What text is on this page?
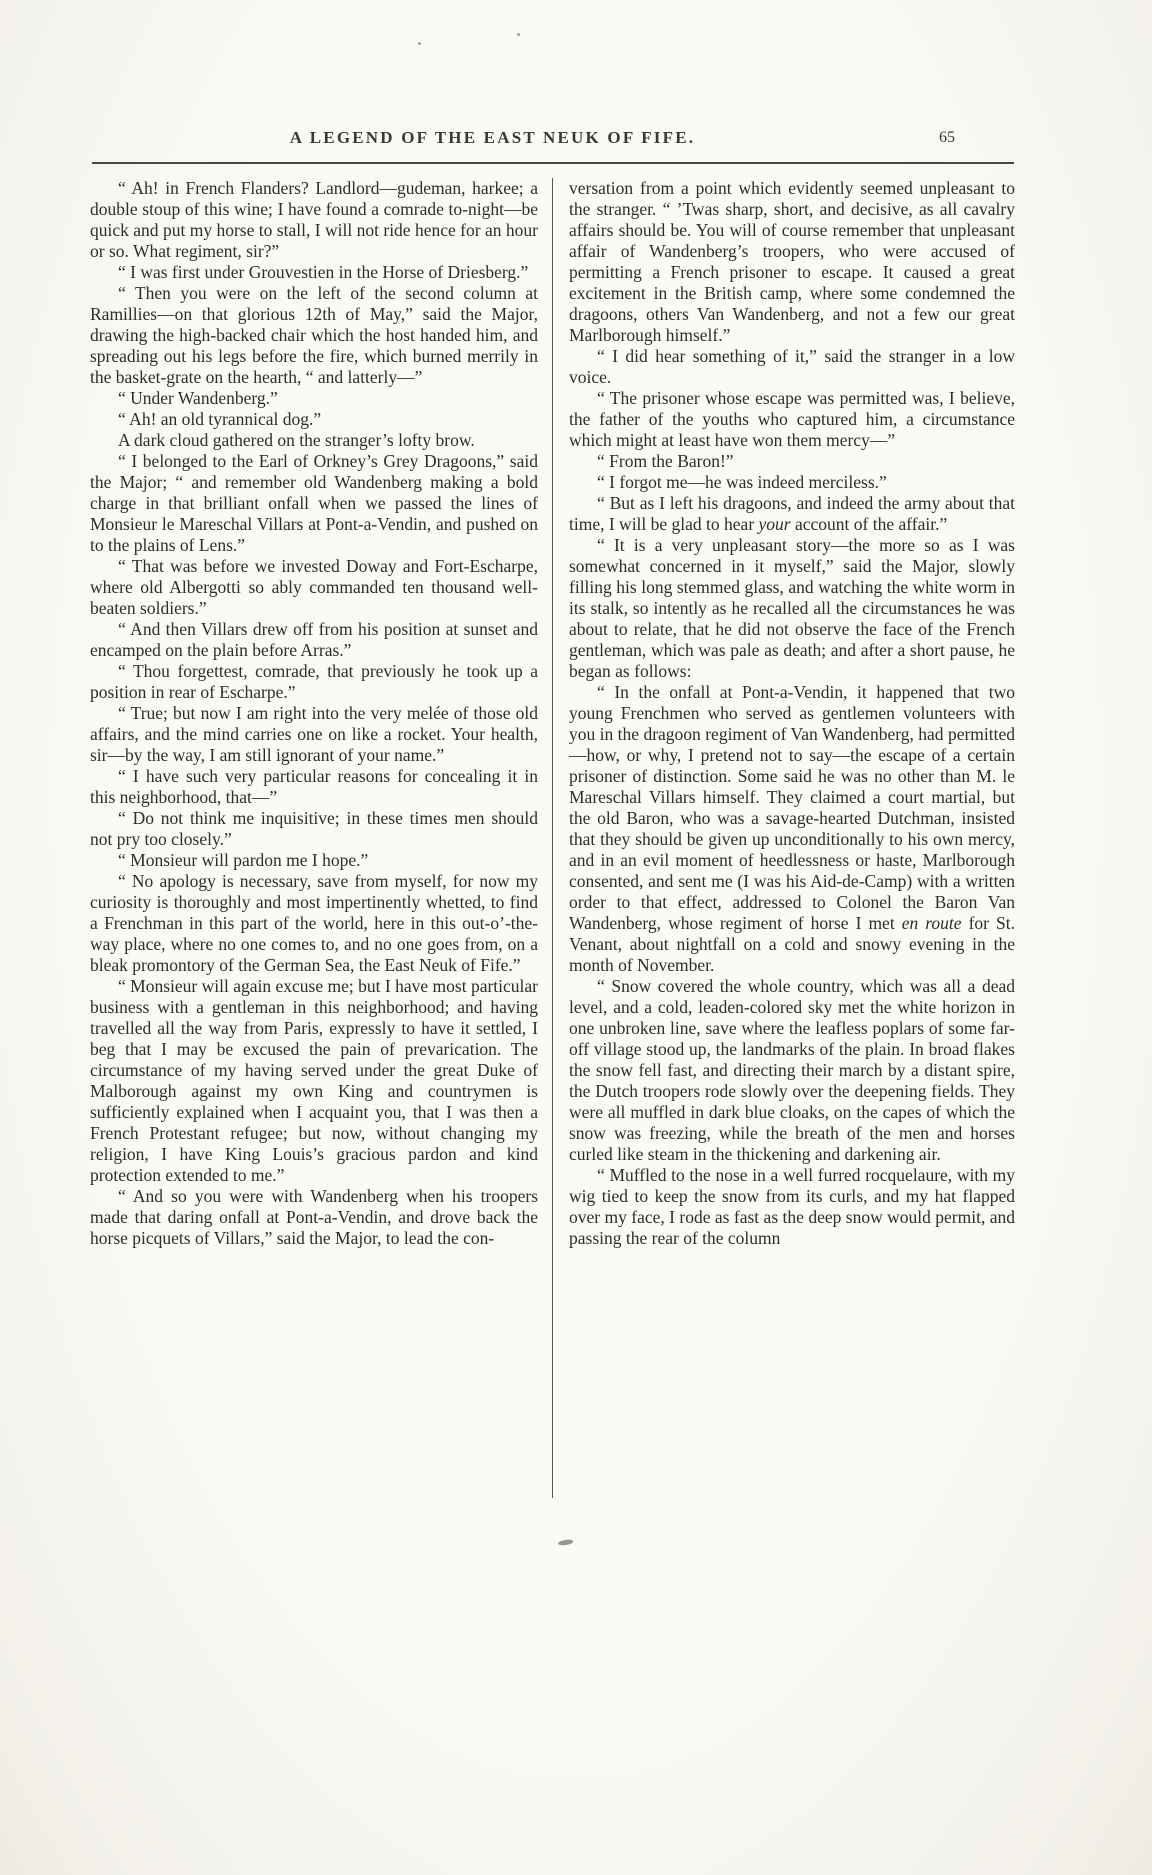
A LEGEND OF THE EAST NEUK OF FIFE.	65

“ Ah! in French Flanders? Landlord—gudeman, harkee; a double stoup of this wine; I have found a comrade to-night—be quick and put my horse to stall, I will not ride hence for an hour or so. What regiment, sir?”

“ I was first under Grouvestien in the Horse of Driesberg.”

“ Then you were on the left of the second column at Ramillies—on that glorious 12th of May,” said the Major, drawing the high-backed chair which the host handed him, and spreading out his legs before the fire, which burned merrily in the basket-grate on the hearth, “ and latterly—”

“ Under Wandenberg.”

“ Ah! an old tyrannical dog.”

A dark cloud gathered on the stranger’s lofty brow.

“ I belonged to the Earl of Orkney’s Grey Dragoons,” said the Major; “ and remember old Wandenberg making a bold charge in that brilliant onfall when we passed the lines of Monsieur le Mareschal Villars at Pont-a-Vendin, and pushed on to the plains of Lens.”

“ That was before we invested Doway and Fort-Escharpe, where old Albergotti so ably commanded ten thousand well-beaten soldiers.”

“ And then Villars drew off from his position at sunset and encamped on the plain before Arras.”

“ Thou forgettest, comrade, that previously he took up a position in rear of Escharpe.”

“ True; but now I am right into the very melée of those old affairs, and the mind carries one on like a rocket. Your health, sir—by the way, I am still ignorant of your name.”

“ I have such very particular reasons for concealing it in this neighborhood, that—”

“ Do not think me inquisitive; in these times men should not pry too closely.”

“ Monsieur will pardon me I hope.”

“ No apology is necessary, save from myself, for now my curiosity is thoroughly and most impertinently whetted, to find a Frenchman in this part of the world, here in this out-o’-the-way place, where no one comes to, and no one goes from, on a bleak promontory of the German Sea, the East Neuk of Fife.”

“ Monsieur will again excuse me; but I have most particular business with a gentleman in this neighborhood; and having travelled all the way from Paris, expressly to have it settled, I beg that I may be excused the pain of prevarication. The circumstance of my having served under the great Duke of Malborough against my own King and countrymen is sufficiently explained when I acquaint you, that I was then a French Protestant refugee; but now, without changing my religion, I have King Louis’s gracious pardon and kind protection extended to me.”

“ And so you were with Wandenberg when his troopers made that daring onfall at Pont-a-Vendin, and drove back the horse picquets of Villars,” said the Major, to lead the con-

versation from a point which evidently seemed unpleasant to the stranger. “ ’Twas sharp, short, and decisive, as all cavalry affairs should be. You will of course remember that unpleasant affair of Wandenberg’s troopers, who were accused of permitting a French prisoner to escape. It caused a great excitement in the British camp, where some condemned the dragoons, others Van Wandenberg, and not a few our great Marlborough himself.”

“ I did hear something of it,” said the stranger in a low voice.

“ The prisoner whose escape was permitted was, I believe, the father of the youths who captured him, a circumstance which might at least have won them mercy—”

“ From the Baron!”

“ I forgot me—he was indeed merciless.”

“ But as I left his dragoons, and indeed the army about that time, I will be glad to hear your account of the affair.”

“ It is a very unpleasant story—the more so as I was somewhat concerned in it myself,” said the Major, slowly filling his long stemmed glass, and watching the white worm in its stalk, so intently as he recalled all the circumstances he was about to relate, that he did not observe the face of the French gentleman, which was pale as death; and after a short pause, he began as follows:

“ In the onfall at Pont-a-Vendin, it happened that two young Frenchmen who served as gentlemen volunteers with you in the dragoon regiment of Van Wandenberg, had permitted—how, or why, I pretend not to say—the escape of a certain prisoner of distinction. Some said he was no other than M. le Mareschal Villars himself. They claimed a court martial, but the old Baron, who was a savage-hearted Dutchman, insisted that they should be given up unconditionally to his own mercy, and in an evil moment of heedlessness or haste, Marlborough consented, and sent me (I was his Aid-de-Camp) with a written order to that effect, addressed to Colonel the Baron Van Wandenberg, whose regiment of horse I met en route for St. Venant, about nightfall on a cold and snowy evening in the month of November.

“ Snow covered the whole country, which was all a dead level, and a cold, leaden-colored sky met the white horizon in one unbroken line, save where the leafless poplars of some far-off village stood up, the landmarks of the plain. In broad flakes the snow fell fast, and directing their march by a distant spire, the Dutch troopers rode slowly over the deepening fields. They were all muffled in dark blue cloaks, on the capes of which the snow was freezing, while the breath of the men and horses curled like steam in the thickening and darkening air.

“ Muffled to the nose in a well furred rocquelaure, with my wig tied to keep the snow from its curls, and my hat flapped over my face, I rode as fast as the deep snow would permit, and passing the rear of the column
